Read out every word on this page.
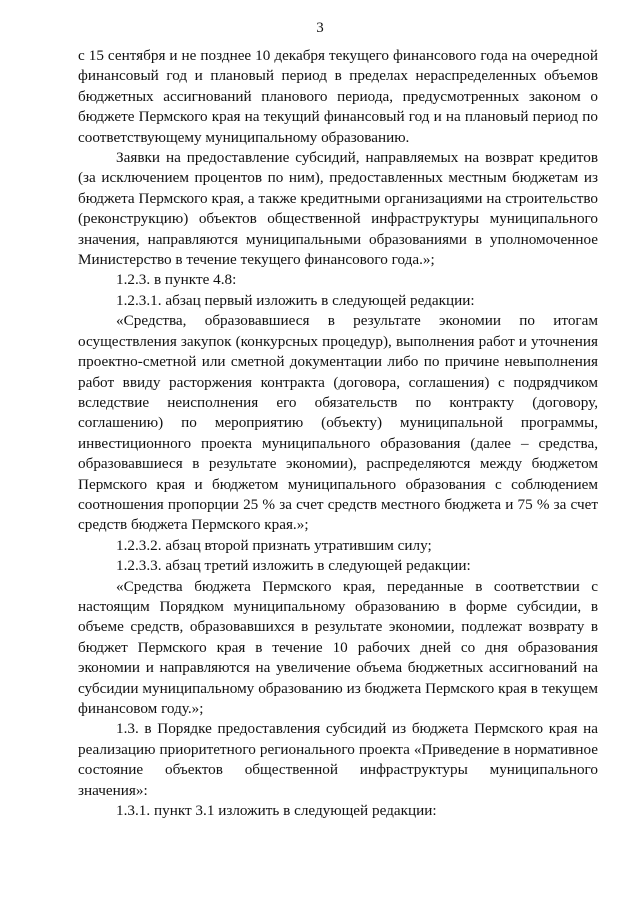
3

с 15 сентября и не позднее 10 декабря текущего финансового года на очередной финансовый год и плановый период в пределах нераспределенных объемов бюджетных ассигнований планового периода, предусмотренных законом о бюджете Пермского края на текущий финансовый год и на плановый период по соответствующему муниципальному образованию.

Заявки на предоставление субсидий, направляемых на возврат кредитов (за исключением процентов по ним), предоставленных местным бюджетам из бюджета Пермского края, а также кредитными организациями на строительство (реконструкцию) объектов общественной инфраструктуры муниципального значения, направляются муниципальными образованиями в уполномоченное Министерство в течение текущего финансового года.»;

1.2.3. в пункте 4.8:

1.2.3.1. абзац первый изложить в следующей редакции:

«Средства, образовавшиеся в результате экономии по итогам осуществления закупок (конкурсных процедур), выполнения работ и уточнения проектно-сметной или сметной документации либо по причине невыполнения работ ввиду расторжения контракта (договора, соглашения) с подрядчиком вследствие неисполнения его обязательств по контракту (договору, соглашению) по мероприятию (объекту) муниципальной программы, инвестиционного проекта муниципального образования (далее – средства, образовавшиеся в результате экономии), распределяются между бюджетом Пермского края и бюджетом муниципального образования с соблюдением соотношения пропорции 25 % за счет средств местного бюджета и 75 % за счет средств бюджета Пермского края.»;

1.2.3.2. абзац второй признать утратившим силу;

1.2.3.3. абзац третий изложить в следующей редакции:

«Средства бюджета Пермского края, переданные в соответствии с настоящим Порядком муниципальному образованию в форме субсидии, в объеме средств, образовавшихся в результате экономии, подлежат возврату в бюджет Пермского края в течение 10 рабочих дней со дня образования экономии и направляются на увеличение объема бюджетных ассигнований на субсидии муниципальному образованию из бюджета Пермского края в текущем финансовом году.»;

1.3. в Порядке предоставления субсидий из бюджета Пермского края на реализацию приоритетного регионального проекта «Приведение в нормативное состояние объектов общественной инфраструктуры муниципального значения»:

1.3.1. пункт 3.1 изложить в следующей редакции:
